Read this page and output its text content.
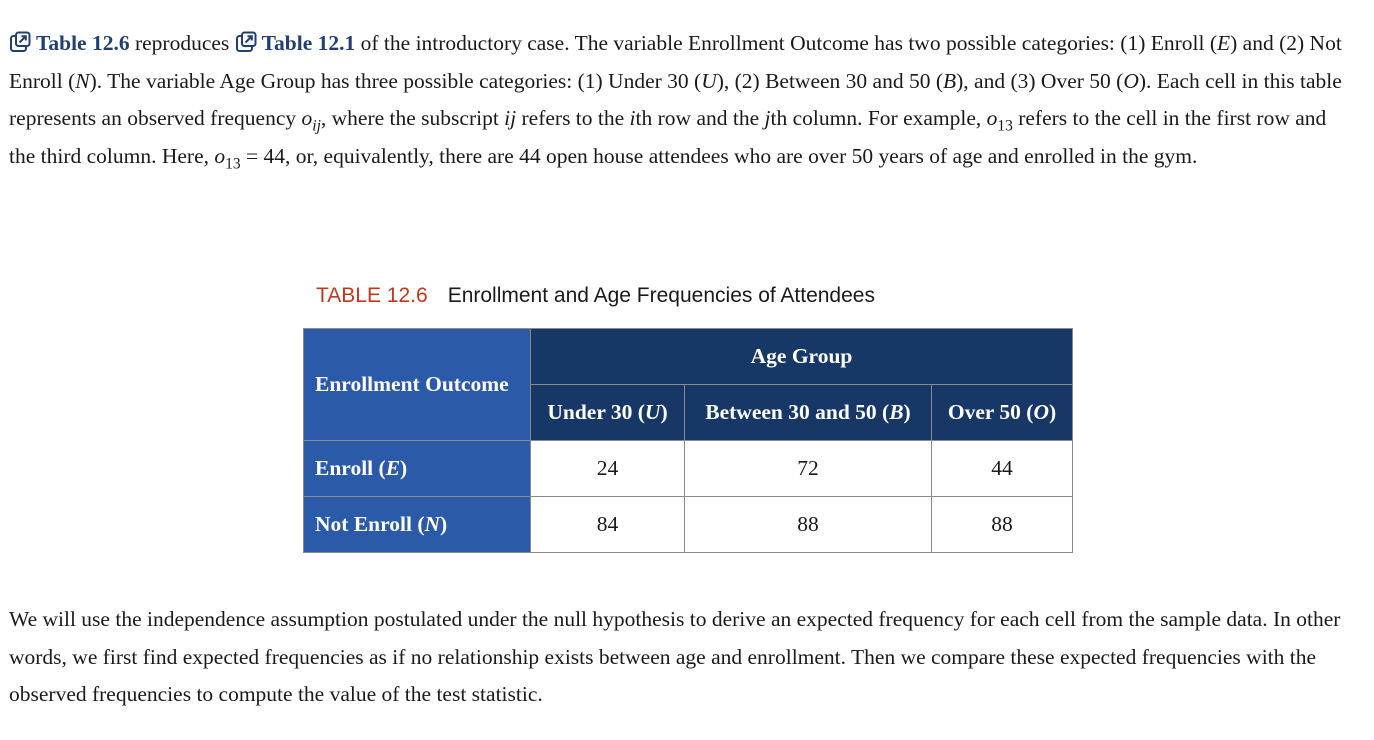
Table 12.6 reproduces
Table 12.1 of the introductory case. The variable Enrollment Outcome has two possible categories: (1) Enroll (E) and (2) Not Enroll (N). The variable Age Group has three possible categories: (1) Under 30 (U), (2) Between 30 and 50 (B), and (3) Over 50 (O). Each cell in this table represents an observed frequency $o_{ij}$, where the subscript ij refers to the ith row and the jth column. For example, $o_{13}$ refers to the cell in the first row and the third column. Here, $o_{13} = 44$, or, equivalently, there are 44 open house attendees who are over 50 years of age and enrolled in the gym.

TABLE 12.6 Enrollment and Age Frequencies of Attendees
Enrollment Outcome	Age Group		
	Under 30 (U)	Between 30 and 50 (B)	Over 50 (O)
Enroll (E)	24	72	44
Not Enroll (N)	84	88	88

We will use the independence assumption postulated under the null hypothesis to derive an expected frequency for each cell from the sample data. In other words, we first find expected frequencies as if no relationship exists between age and enrollment. Then we compare these expected frequencies with the observed frequencies to compute the value of the test statistic.
